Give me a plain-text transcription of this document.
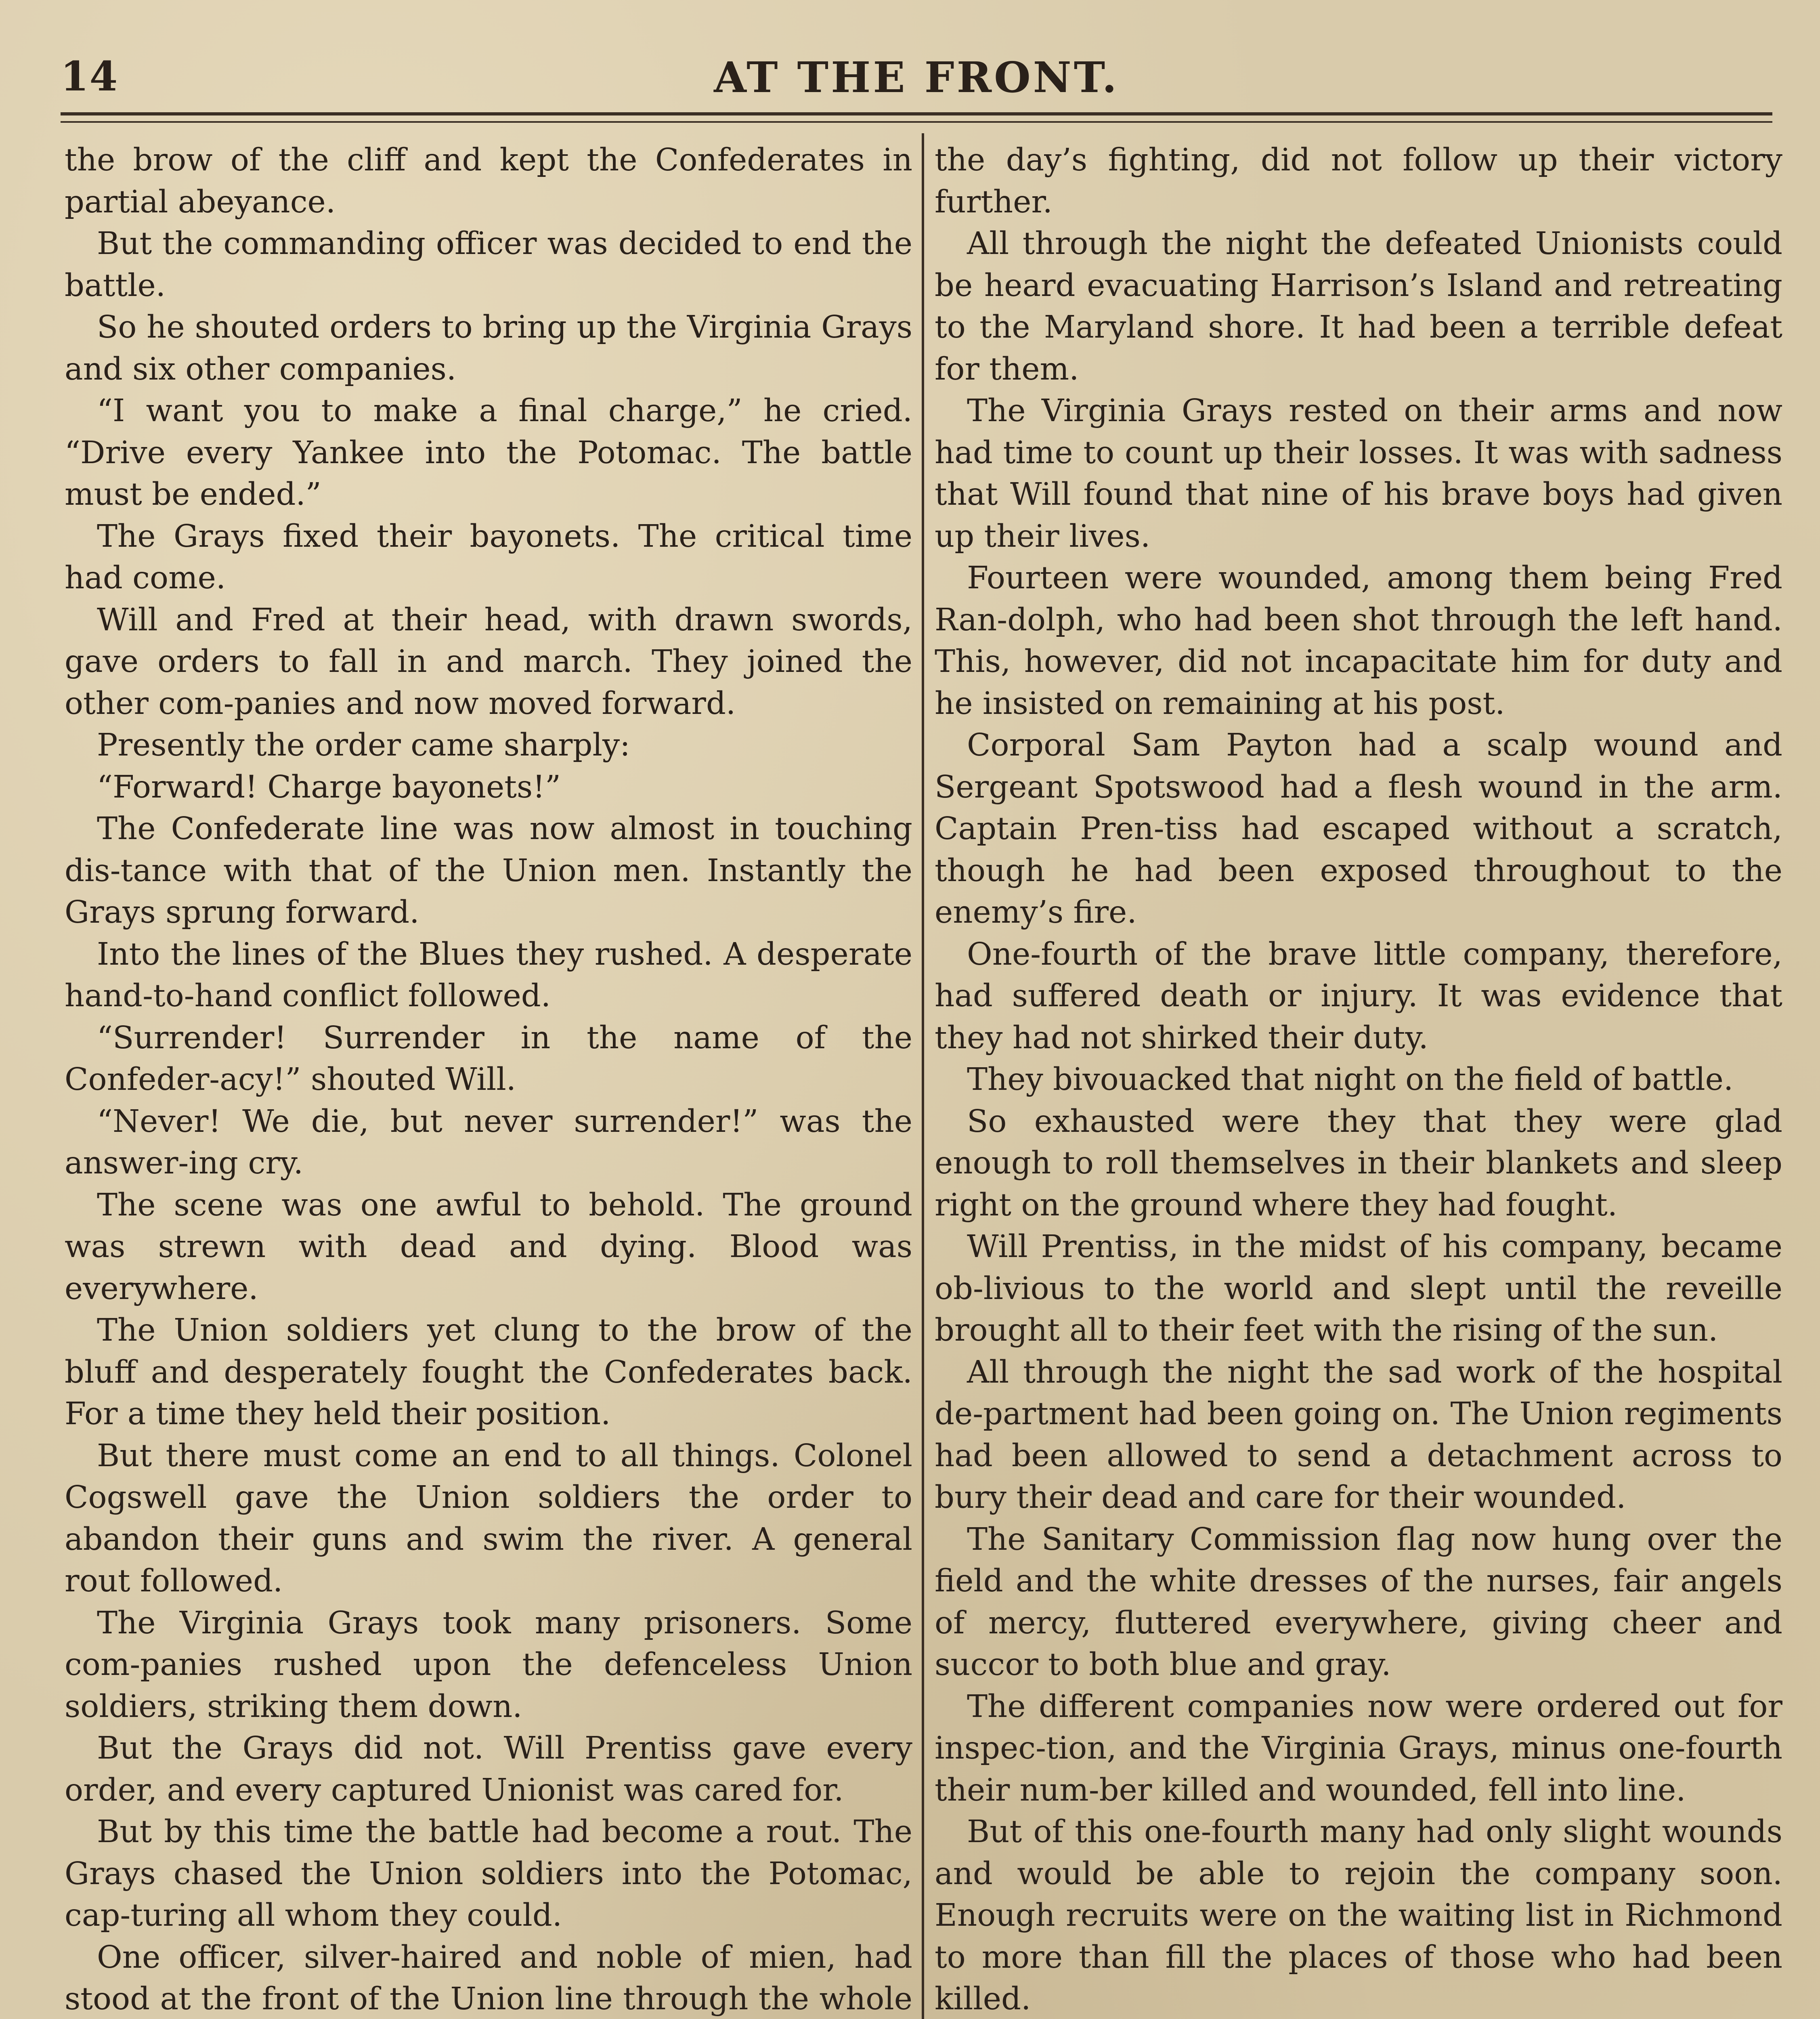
14	AT THE FRONT.

the brow of the cliff and kept the Confederates in partial abeyance.

But the commanding officer was decided to end the battle.

So he shouted orders to bring up the Virginia Grays and six other companies.

“I want you to make a final charge,” he cried. “Drive every Yankee into the Potomac. The battle must be ended.”

The Grays fixed their bayonets. The critical time had come.

Will and Fred at their head, with drawn swords, gave orders to fall in and march. They joined the other com-panies and now moved forward.

Presently the order came sharply:

“Forward! Charge bayonets!”

The Confederate line was now almost in touching dis-tance with that of the Union men. Instantly the Grays sprung forward.

Into the lines of the Blues they rushed. A desperate hand-to-hand conflict followed.

“Surrender! Surrender in the name of the Confeder-acy!” shouted Will.

“Never! We die, but never surrender!” was the answer-ing cry.

The scene was one awful to behold. The ground was strewn with dead and dying. Blood was everywhere.

The Union soldiers yet clung to the brow of the bluff and desperately fought the Confederates back. For a time they held their position.

But there must come an end to all things. Colonel Cogswell gave the Union soldiers the order to abandon their guns and swim the river. A general rout followed.

The Virginia Grays took many prisoners. Some com-panies rushed upon the defenceless Union soldiers, striking them down.

But the Grays did not. Will Prentiss gave every order, and every captured Unionist was cared for.

But by this time the battle had become a rout. The Grays chased the Union soldiers into the Potomac, cap-turing all whom they could.

One officer, silver-haired and noble of mien, had stood at the front of the Union line through the whole

the day’s fighting, did not follow up their victory further.

All through the night the defeated Unionists could be heard evacuating Harrison’s Island and retreating to the Maryland shore. It had been a terrible defeat for them.

The Virginia Grays rested on their arms and now had time to count up their losses. It was with sadness that Will found that nine of his brave boys had given up their lives.

Fourteen were wounded, among them being Fred Ran-dolph, who had been shot through the left hand. This, however, did not incapacitate him for duty and he insisted on remaining at his post.

Corporal Sam Payton had a scalp wound and Sergeant Spotswood had a flesh wound in the arm. Captain Pren-tiss had escaped without a scratch, though he had been exposed throughout to the enemy’s fire.

One-fourth of the brave little company, therefore, had suffered death or injury. It was evidence that they had not shirked their duty.

They bivouacked that night on the field of battle.

So exhausted were they that they were glad enough to roll themselves in their blankets and sleep right on the ground where they had fought.

Will Prentiss, in the midst of his company, became ob-livious to the world and slept until the reveille brought all to their feet with the rising of the sun.

All through the night the sad work of the hospital de-partment had been going on. The Union regiments had been allowed to send a detachment across to bury their dead and care for their wounded.

The Sanitary Commission flag now hung over the field and the white dresses of the nurses, fair angels of mercy, fluttered everywhere, giving cheer and succor to both blue and gray.

The different companies now were ordered out for inspec-tion, and the Virginia Grays, minus one-fourth their num-ber killed and wounded, fell into line.

But of this one-fourth many had only slight wounds and would be able to rejoin the company soon. Enough recruits were on the waiting list in Richmond to more than fill the places of those who had been killed.
